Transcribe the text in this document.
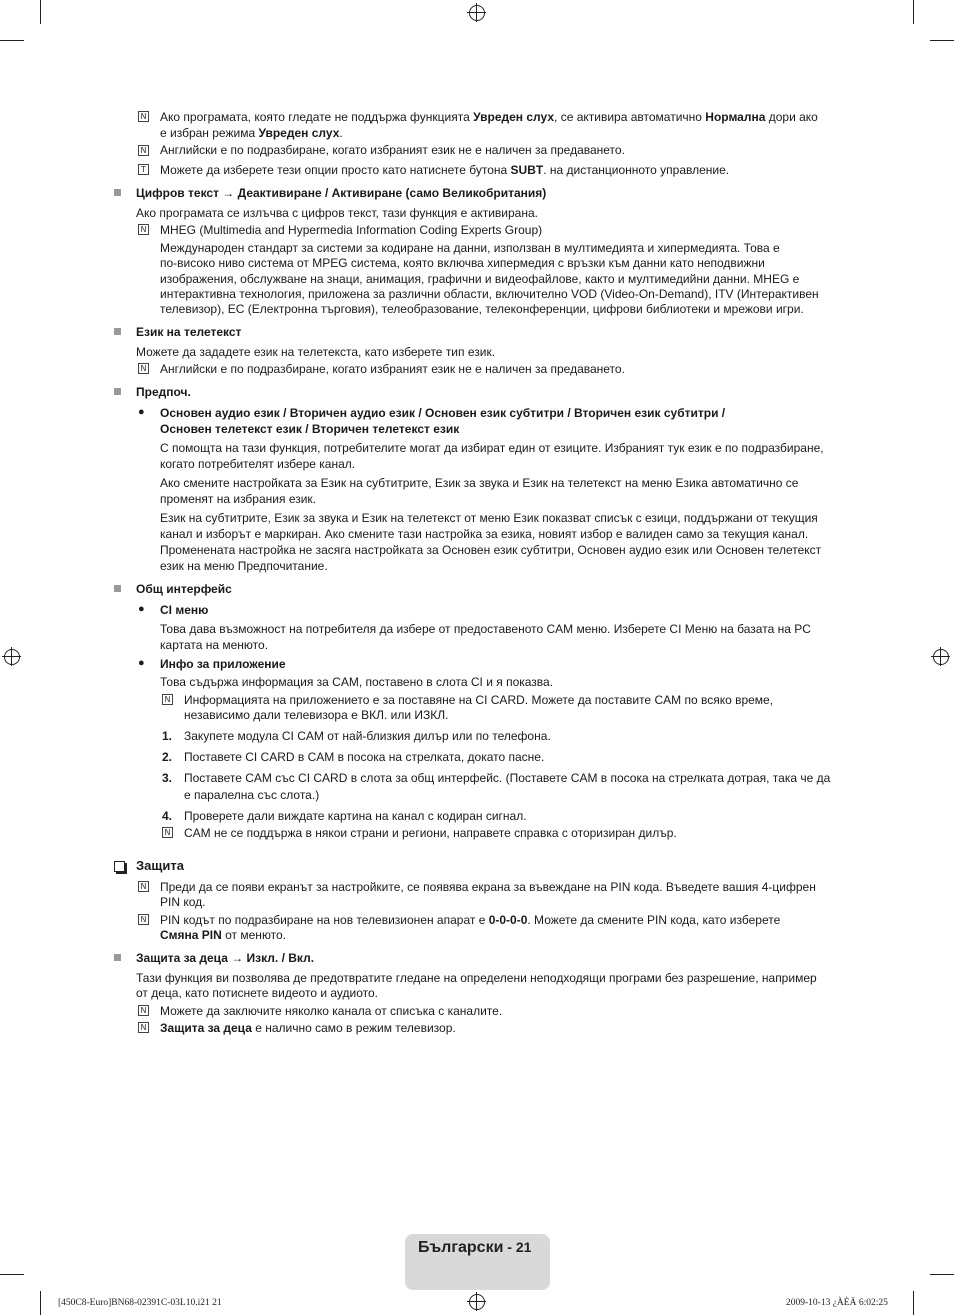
N Ако програмата, която гледате не поддържа функцията Увреден слух, се активира автоматично Нормална дори ако
е избран режима Увреден слух.
N Английски е по подразбиране, когато избраният език не е наличен за предаването.
T Можете да изберете тези опции просто като натиснете бутона SUBT. на дистанционното управление.
Цифров текст → Деактивиране / Активиране (само Великобритания)
Ако програмата се излъчва с цифров текст, тази функция е активирана.
N MHEG (Multimedia and Hypermedia Information Coding Experts Group)
Международен стандарт за системи за кодиране на данни, използван в мултимедията и хипермедията. Това е
по-високо ниво система от MPEG система, която включва хипермедия с връзки към данни като неподвижни
изображения, обслужване на знаци, анимация, графични и видеофайлове, както и мултимедийни данни. MHEG е
интерактивна технология, приложена за различни области, включително VOD (Video-On-Demand), ITV (Интерактивен
телевизор), EC (Електронна търговия), телеобразование, телеконференции, цифрови библиотеки и мрежови игри.
Език на телетекст
Можете да зададете език на телетекста, като изберете тип език.
N Английски е по подразбиране, когато избраният език не е наличен за предаването.
Предпоч.
● Основен аудио език / Вторичен аудио език / Основен език субтитри / Вторичен език субтитри /
Основен телетекст език / Вторичен телетекст език
С помощта на тази функция, потребителите могат да избират един от езиците. Избраният тук език е по подразбиране,
когато потребителят избере канал.
Ако смените настройката за Език на субтитрите, Език за звука и Език на телетекст на меню Езика автоматично се
променят на избрания език.
Език на субтитрите, Език за звука и Език на телетекст от меню Език показват списък с езици, поддържани от текущия
канал и изборът е маркиран. Ако смените тази настройка за езика, новият избор е валиден само за текущия канал.
Променената настройка не засяга настройката за Основен език субтитри, Основен аудио език или Основен телетекст
език на меню Предпочитание.
Общ интерфейс
● CI меню
Това дава възможност на потребителя да избере от предоставеното CAM меню. Изберете CI Меню на базата на PC
картата на менюто.
● Инфо за приложение
Това съдържа информация за CAM, поставено в слота CI и я показва.
N Информацията на приложението е за поставяне на CI CARD. Можете да поставите CAM по всяко време,
независимо дали телевизора е ВКЛ. или ИЗКЛ.
1. Закупете модула CI CAM от най-близкия дилър или по телефона.
2. Поставете CI CARD в CAM в посока на стрелката, докато пасне.
3. Поставете CAM със CI CARD в слота за общ интерфейс. (Поставете CAM в посока на стрелката дотрая, така че да
е паралелна със слота.)
4. Проверете дали виждате картина на канал с кодиран сигнал.
N CAM не се поддържа в някои страни и региони, направете справка с оторизиран дилър.
Защита
N Преди да се появи екранът за настройките, се появява екрана за въвеждане на PIN кода. Въведете вашия 4-цифрен
PIN код.
N PIN кодът по подразбиране на нов телевизионен апарат е 0-0-0-0. Можете да смените PIN кода, като изберете
Смяна PIN от менюто.
Защита за деца → Изкл. / Вкл.
Тази функция ви позволява де предотвратите гледане на определени неподходящи програми без разрешение, например
от деца, като потиснете видеото и аудиото.
N Можете да заключите няколко канала от списъка с каналите.
N Защита за деца е налично само в режим телевизор.
Български - 21
[450C8-Euro]BN68-02391C-03L10.i21 21	2009-10-13 ¿ÀÈÄ 6:02:25
